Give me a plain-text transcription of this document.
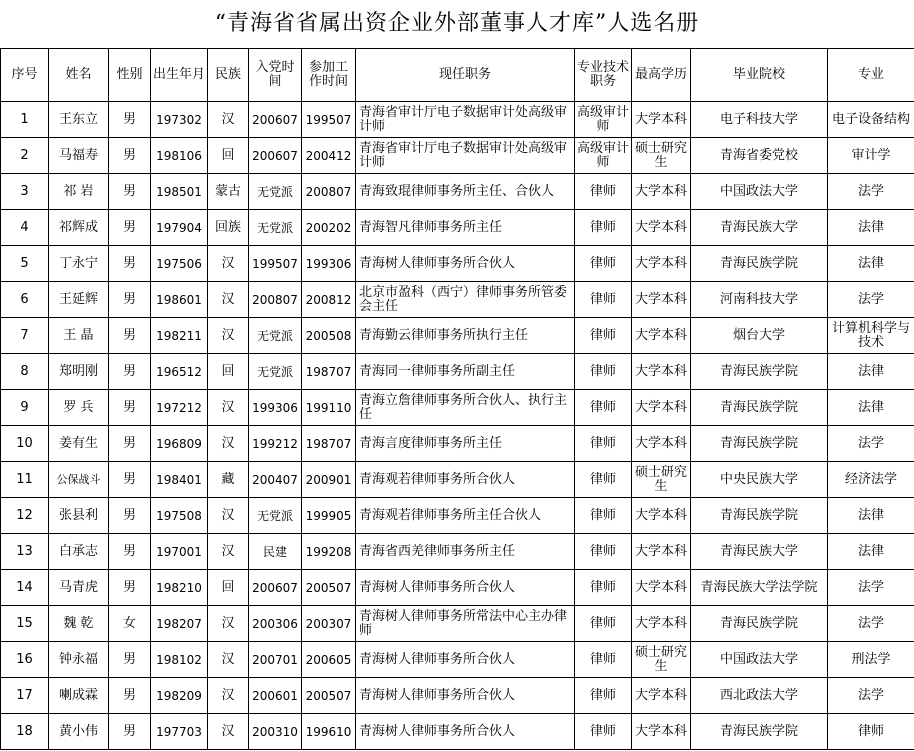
“青海省省属出资企业外部董事人才库”人选名册
序号	姓名	性别	出生年月	民族	入党时间	参加工作时间	现任职务	专业技术职务	最高学历	毕业院校	专业
1	王东立	男	197302	汉	200607	199507	青海省审计厅电子数据审计处高级审计师	高级审计师	大学本科	电子科技大学	电子设备结构
2	马福寿	男	198106	回	200607	200412	青海省审计厅电子数据审计处高级审计师	高级审计师	硕士研究生	青海省委党校	审计学
3	祁 岩	男	198501	蒙古	无党派	200807	青海致琨律师事务所主任、合伙人	律师	大学本科	中国政法大学	法学
4	祁辉成	男	197904	回族	无党派	200202	青海智凡律师事务所主任	律师	大学本科	青海民族大学	法律
5	丁永宁	男	197506	汉	199507	199306	青海树人律师事务所合伙人	律师	大学本科	青海民族学院	法律
6	王延辉	男	198601	汉	200807	200812	北京市盈科（西宁）律师事务所管委会主任	律师	大学本科	河南科技大学	法学
7	王 晶	男	198211	汉	无党派	200508	青海勤云律师事务所执行主任	律师	大学本科	烟台大学	计算机科学与技术
8	郑明刚	男	196512	回	无党派	198707	青海同一律师事务所副主任	律师	大学本科	青海民族学院	法律
9	罗 兵	男	197212	汉	199306	199110	青海立詹律师事务所合伙人、执行主任	律师	大学本科	青海民族学院	法律
10	姜有生	男	196809	汉	199212	198707	青海言度律师事务所主任	律师	大学本科	青海民族学院	法学
11	公保战斗	男	198401	藏	200407	200901	青海观若律师事务所合伙人	律师	硕士研究生	中央民族大学	经济法学
12	张县利	男	197508	汉	无党派	199905	青海观若律师事务所主任合伙人	律师	大学本科	青海民族学院	法律
13	白承志	男	197001	汉	民建	199208	青海省西羌律师事务所主任	律师	大学本科	青海民族大学	法律
14	马青虎	男	198210	回	200607	200507	青海树人律师事务所合伙人	律师	大学本科	青海民族大学法学院	法学
15	魏 乾	女	198207	汉	200306	200307	青海树人律师事务所常法中心主办律师	律师	大学本科	青海民族学院	法学
16	钟永福	男	198102	汉	200701	200605	青海树人律师事务所合伙人	律师	硕士研究生	中国政法大学	刑法学
17	喇成霖	男	198209	汉	200601	200507	青海树人律师事务所合伙人	律师	大学本科	西北政法大学	法学
18	黄小伟	男	197703	汉	200310	199610	青海树人律师事务所合伙人	律师	大学本科	青海民族学院	律师
